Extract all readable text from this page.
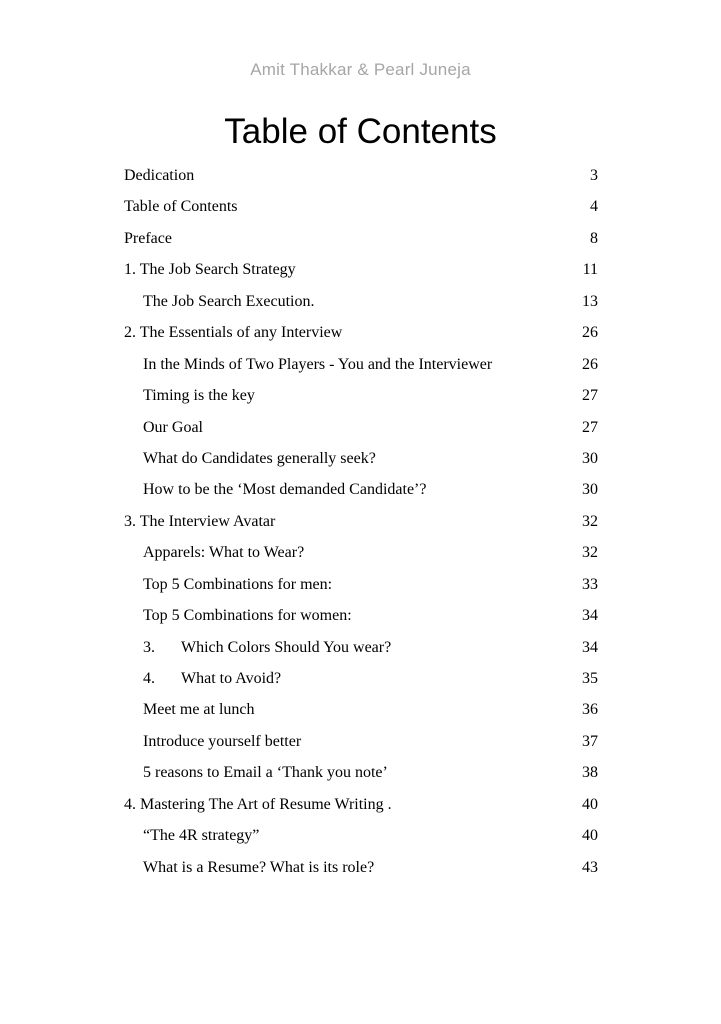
Amit Thakkar & Pearl Juneja
Table of Contents
Dedication	3
Table of Contents	4
Preface	8
1. The Job Search Strategy	11
The Job Search Execution.	13
2. The Essentials of any Interview	26
In the Minds of Two Players - You and the Interviewer	26
Timing is the key	27
Our Goal	27
What do Candidates generally seek?	30
How to be the ‘Most demanded Candidate’?	30
3. The Interview Avatar	32
Apparels: What to Wear?	32
Top 5 Combinations for men:	33
Top 5 Combinations for women:	34
3. Which Colors Should You wear?	34
4. What to Avoid?	35
Meet me at lunch	36
Introduce yourself better	37
5 reasons to Email a ‘Thank you note’	38
4. Mastering The Art of Resume Writing .	40
“The 4R strategy”	40
What is a Resume? What is its role?	43
